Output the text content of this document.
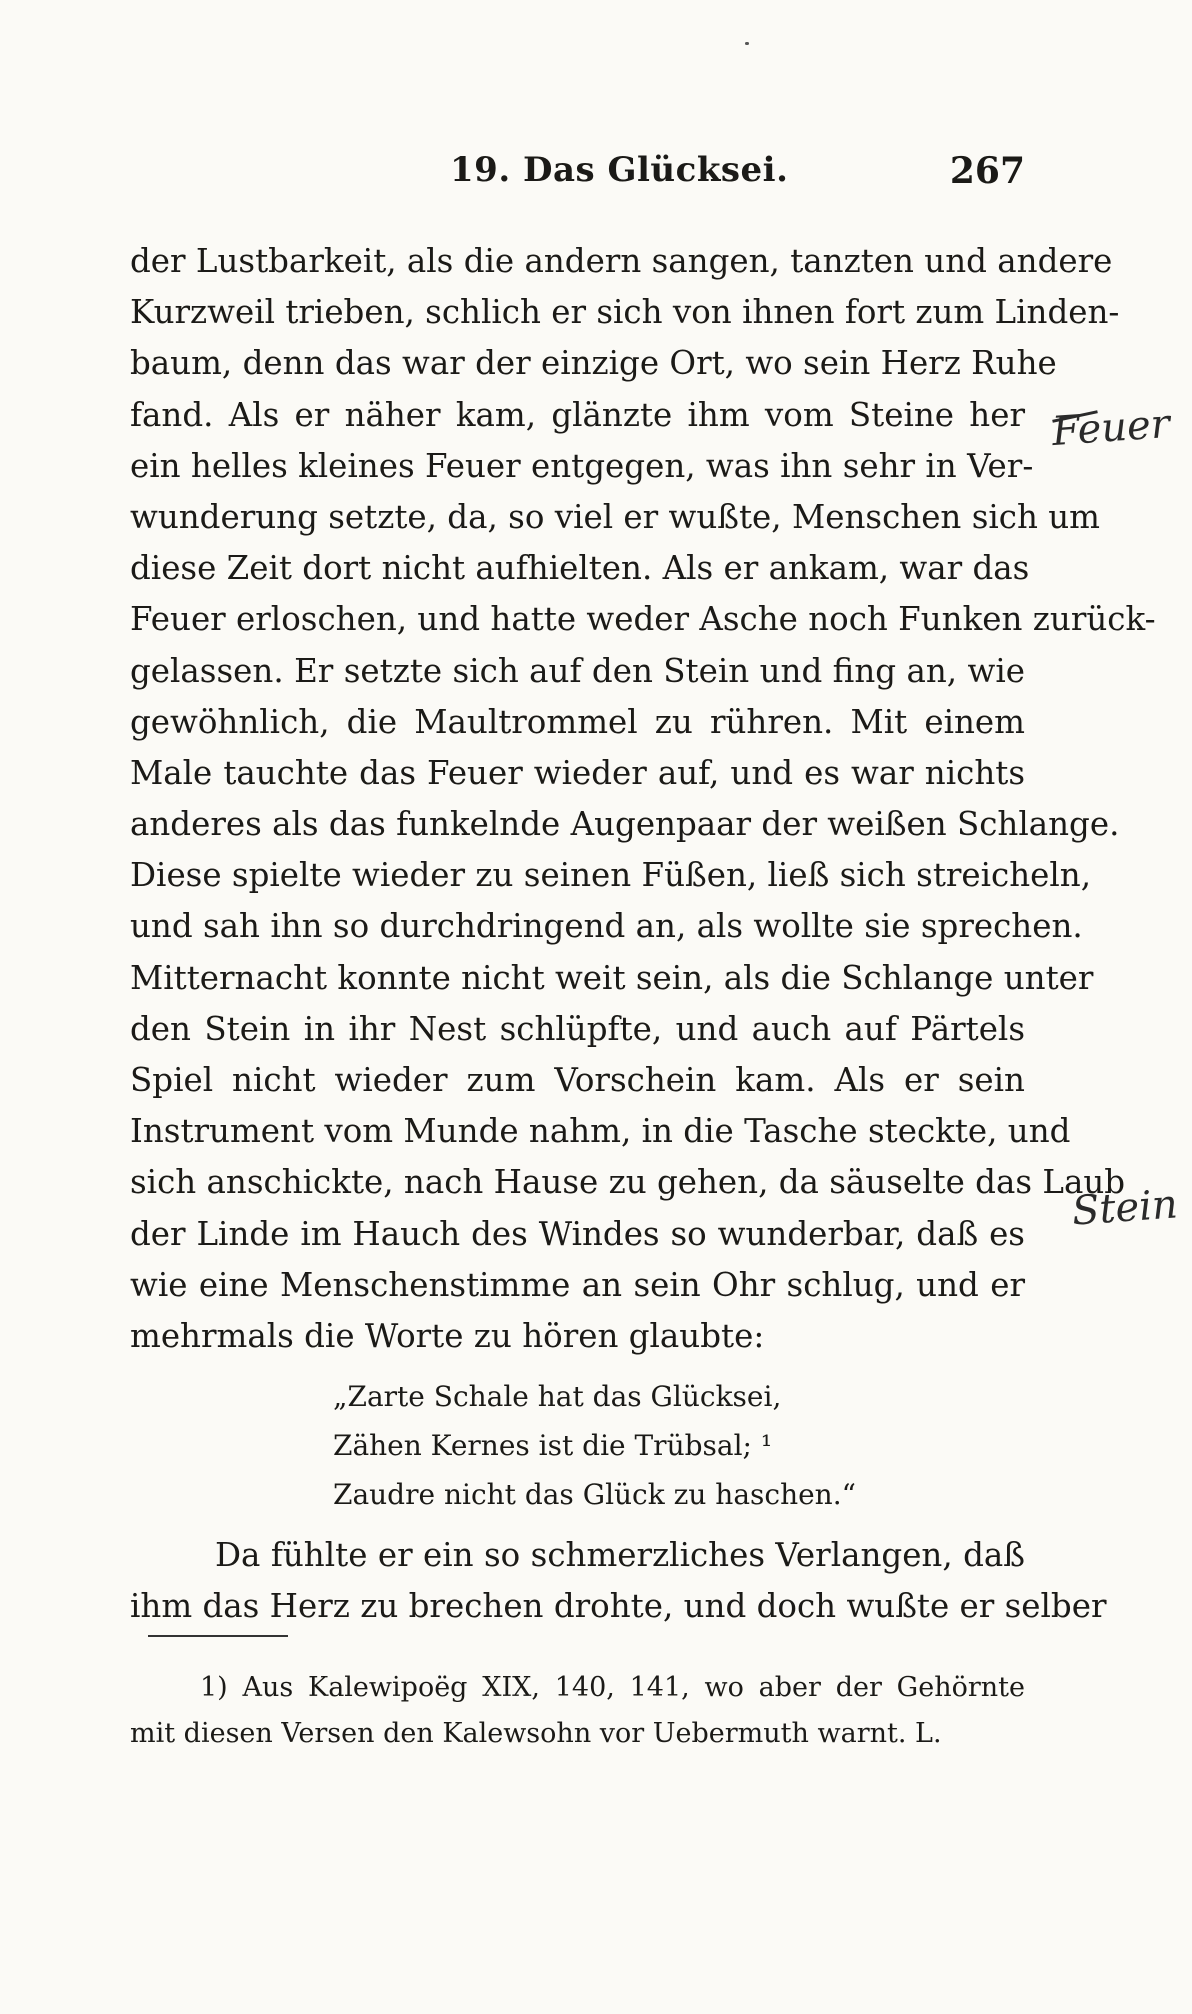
19. Das Glücksei.	267
der Lustbarkeit, als die andern sangen, tanzten und andere
Kurzweil trieben, schlich er sich von ihnen fort zum Linden-
baum, denn das war der einzige Ort, wo sein Herz Ruhe
fand. Als er näher kam, glänzte ihm vom Steine her
ein helles kleines Feuer entgegen, was ihn sehr in Ver-
wunderung setzte, da, so viel er wußte, Menschen sich um
diese Zeit dort nicht aufhielten. Als er ankam, war das
Feuer erloschen, und hatte weder Asche noch Funken zurück-
gelassen. Er setzte sich auf den Stein und fing an, wie
gewöhnlich, die Maultrommel zu rühren. Mit einem
Male tauchte das Feuer wieder auf, und es war nichts
anderes als das funkelnde Augenpaar der weißen Schlange.
Diese spielte wieder zu seinen Füßen, ließ sich streicheln,
und sah ihn so durchdringend an, als wollte sie sprechen.
Mitternacht konnte nicht weit sein, als die Schlange unter
den Stein in ihr Nest schlüpfte, und auch auf Pärtels
Spiel nicht wieder zum Vorschein kam. Als er sein
Instrument vom Munde nahm, in die Tasche steckte, und
sich anschickte, nach Hause zu gehen, da säuselte das Laub
der Linde im Hauch des Windes so wunderbar, daß es
wie eine Menschenstimme an sein Ohr schlug, und er
mehrmals die Worte zu hören glaubte:
„Zarte Schale hat das Glücksei,
Zähen Kernes ist die Trübsal; ¹
Zaudre nicht das Glück zu haschen.“
Da fühlte er ein so schmerzliches Verlangen, daß
ihm das Herz zu brechen drohte, und doch wußte er selber
1) Aus Kalewipoëg XIX, 140, 141, wo aber der Gehörnte
mit diesen Versen den Kalewsohn vor Uebermuth warnt. L.
Feuer
Stein
